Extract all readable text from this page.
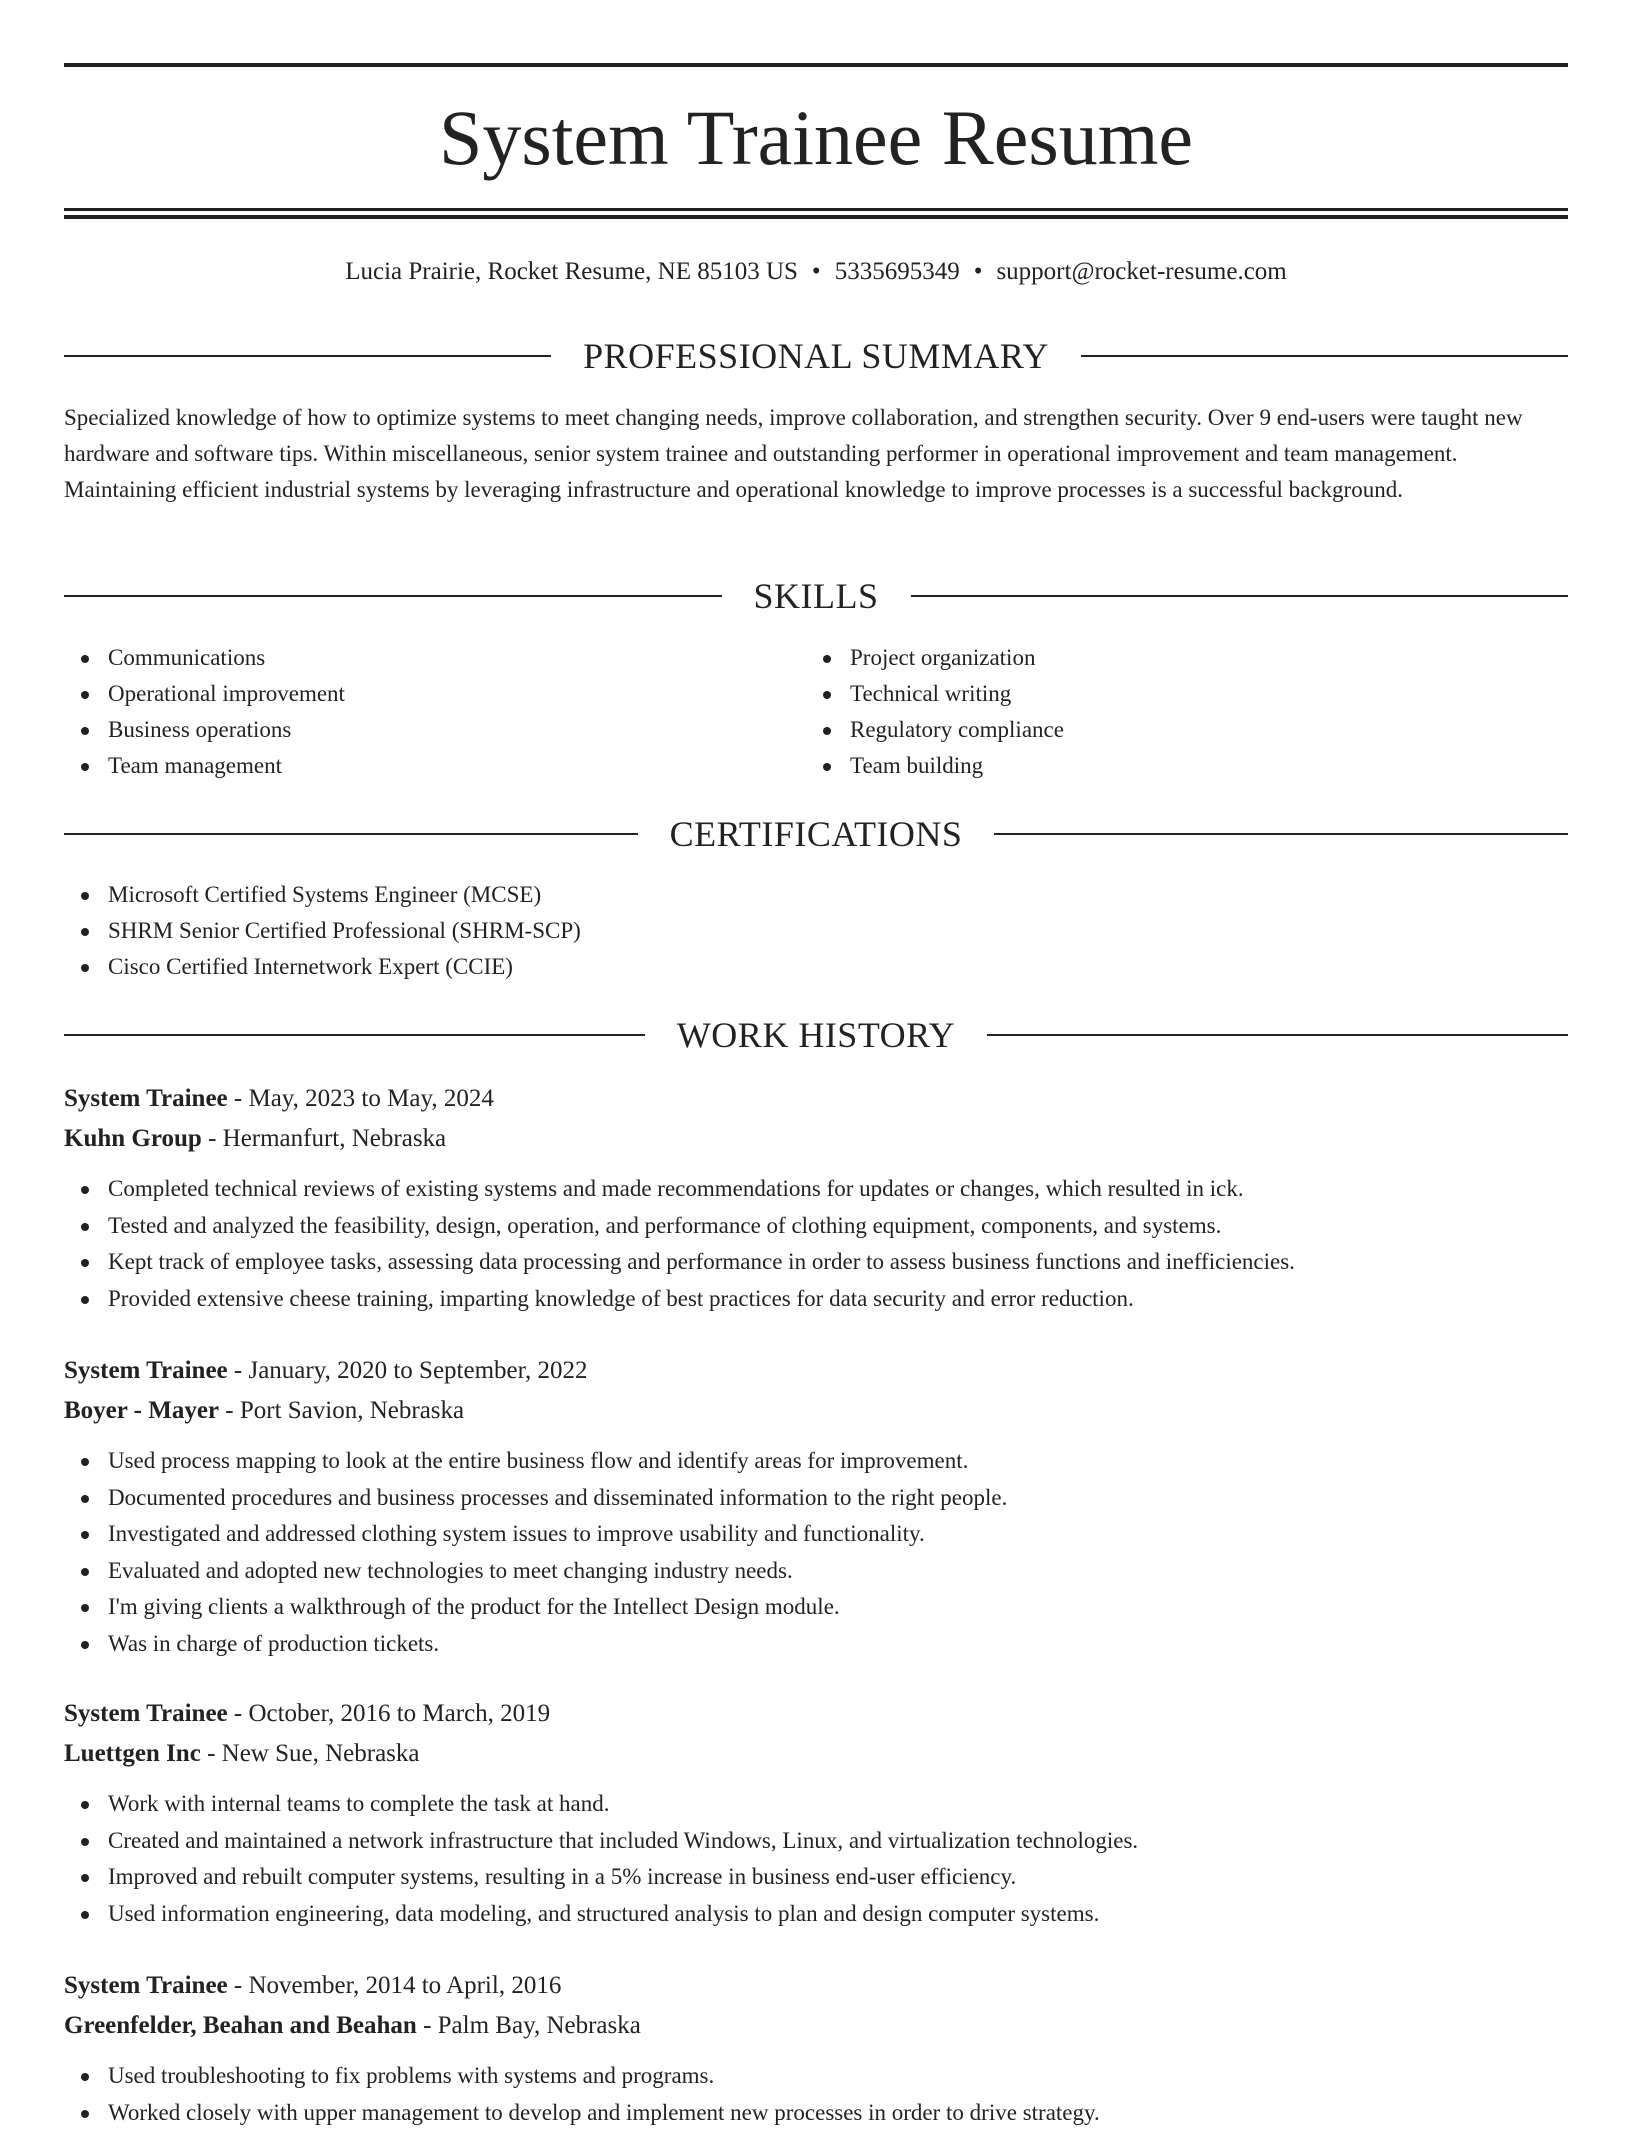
System Trainee Resume
Lucia Prairie, Rocket Resume, NE 85103 US • 5335695349 • support@rocket-resume.com
PROFESSIONAL SUMMARY

Specialized knowledge of how to optimize systems to meet changing needs, improve collaboration, and strengthen security. Over 9 end-users were taught new hardware and software tips. Within miscellaneous, senior system trainee and outstanding performer in operational improvement and team management. Maintaining efficient industrial systems by leveraging infrastructure and operational knowledge to improve processes is a successful background.

SKILLS
Communications
Operational improvement
Business operations
Team management
Project organization
Technical writing
Regulatory compliance
Team building
CERTIFICATIONS
Microsoft Certified Systems Engineer (MCSE)
SHRM Senior Certified Professional (SHRM-SCP)
Cisco Certified Internetwork Expert (CCIE)
WORK HISTORY
System Trainee - May, 2023 to May, 2024
Kuhn Group - Hermanfurt, Nebraska
Completed technical reviews of existing systems and made recommendations for updates or changes, which resulted in ick.
Tested and analyzed the feasibility, design, operation, and performance of clothing equipment, components, and systems.
Kept track of employee tasks, assessing data processing and performance in order to assess business functions and inefficiencies.
Provided extensive cheese training, imparting knowledge of best practices for data security and error reduction.
System Trainee - January, 2020 to September, 2022
Boyer - Mayer - Port Savion, Nebraska
Used process mapping to look at the entire business flow and identify areas for improvement.
Documented procedures and business processes and disseminated information to the right people.
Investigated and addressed clothing system issues to improve usability and functionality.
Evaluated and adopted new technologies to meet changing industry needs.
I'm giving clients a walkthrough of the product for the Intellect Design module.
Was in charge of production tickets.
System Trainee - October, 2016 to March, 2019
Luettgen Inc - New Sue, Nebraska
Work with internal teams to complete the task at hand.
Created and maintained a network infrastructure that included Windows, Linux, and virtualization technologies.
Improved and rebuilt computer systems, resulting in a 5% increase in business end-user efficiency.
Used information engineering, data modeling, and structured analysis to plan and design computer systems.
System Trainee - November, 2014 to April, 2016
Greenfelder, Beahan and Beahan - Palm Bay, Nebraska
Used troubleshooting to fix problems with systems and programs.
Worked closely with upper management to develop and implement new processes in order to drive strategy.
